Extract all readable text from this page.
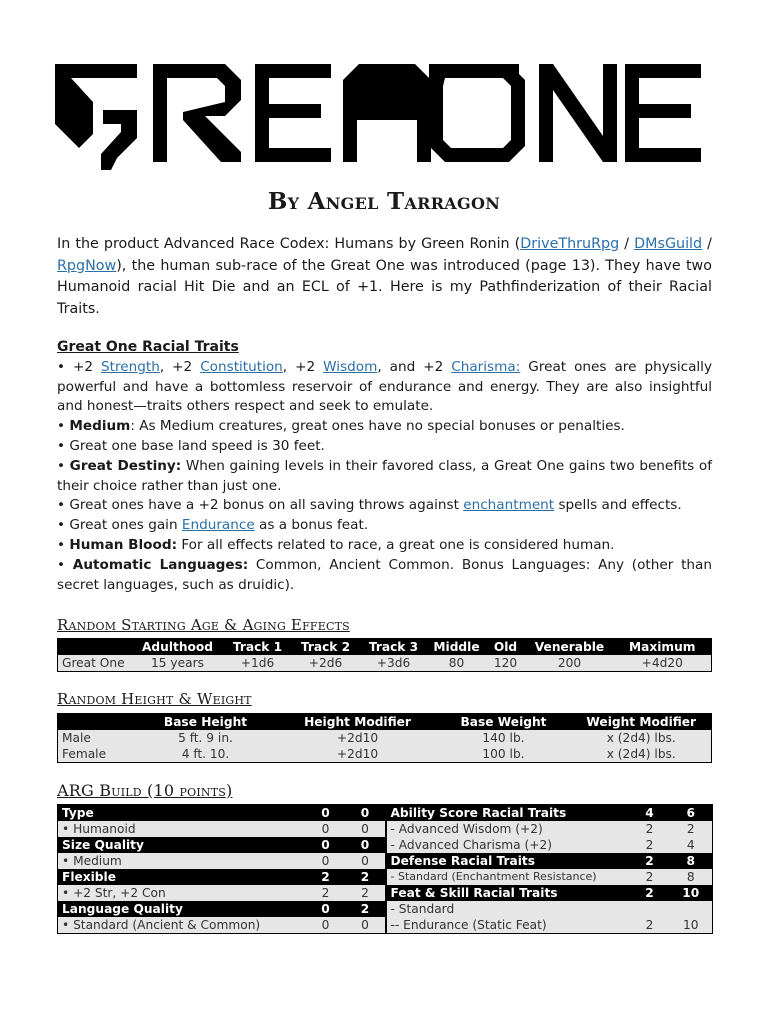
By Angel Tarragon
In the product Advanced Race Codex: Humans by Green Ronin (DriveThruRpg / DMsGuild / RpgNow), the human sub-race of the Great One was introduced (page 13). They have two Humanoid racial Hit Die and an ECL of +1. Here is my Pathfinderization of their Racial Traits.
Great One Racial Traits

• +2 Strength, +2 Constitution, +2 Wisdom, and +2 Charisma: Great ones are physically powerful and have a bottomless reservoir of endurance and energy. They are also insightful and honest—traits others respect and seek to emulate.

• Medium: As Medium creatures, great ones have no special bonuses or penalties.

• Great one base land speed is 30 feet.

• Great Destiny: When gaining levels in their favored class, a Great One gains two benefits of their choice rather than just one.

• Great ones have a +2 bonus on all saving throws against enchantment spells and effects.

• Great ones gain Endurance as a bonus feat.

• Human Blood: For all effects related to race, a great one is considered human.

• Automatic Languages: Common, Ancient Common. Bonus Languages: Any (other than secret languages, such as druidic).

Random Starting Age & Aging Effects
	Adulthood	Track 1	Track 2	Track 3	Middle	Old	Venerable	Maximum
Great One	15 years	+1d6	+2d6	+3d6	80	120	200	+4d20
Random Height & Weight
	Base Height	Height Modifier	Base Weight	Weight Modifier
Male	5 ft. 9 in.	+2d10	140 lb.	x (2d4) lbs.
Female	4 ft. 10.	+2d10	100 lb.	x (2d4) lbs.
ARG Build (10 points)
Type	0	0	Ability Score Racial Traits	4	6
• Humanoid	0	0	- Advanced Wisdom (+2)	2	2
Size Quality	0	0	- Advanced Charisma (+2)	2	4
• Medium	0	0	Defense Racial Traits	2	8
Flexible	2	2	- Standard (Enchantment Resistance)	2	8
• +2 Str, +2 Con	2	2	Feat & Skill Racial Traits	2	10
Language Quality	0	2	- Standard		
• Standard (Ancient & Common)	0	0	-- Endurance (Static Feat)	2	10
